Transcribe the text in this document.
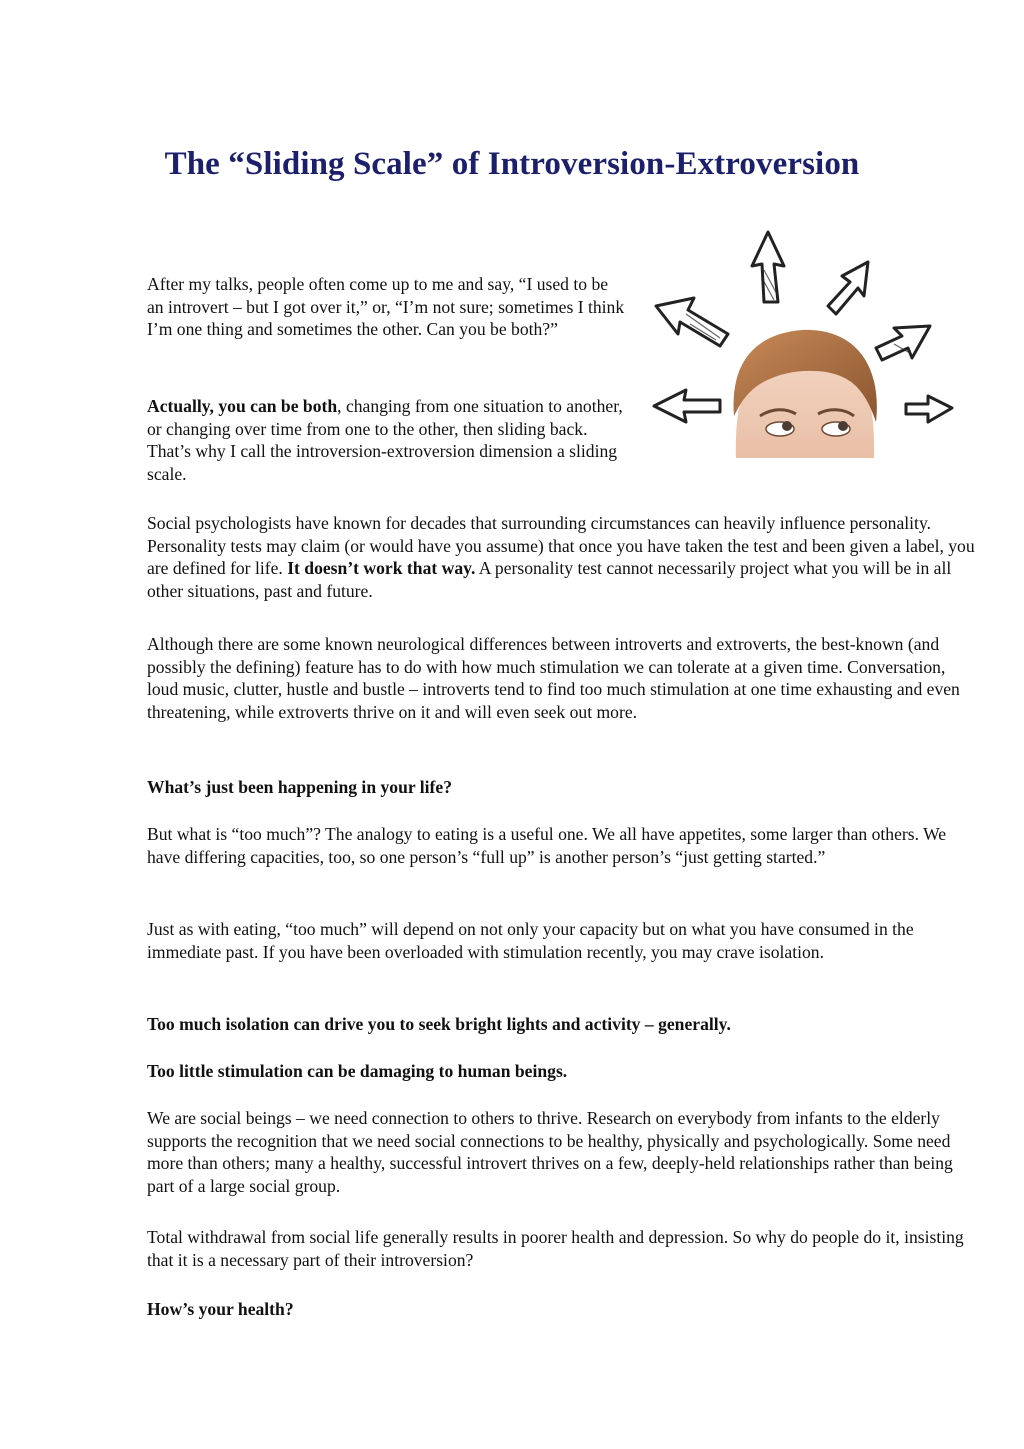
The “Sliding Scale” of Introversion-Extroversion

After my talks, people often come up to me and say, “I used to be an introvert – but I got over it,” or, “I’m not sure; sometimes I think I’m one thing and sometimes the other. Can you be both?”

Actually, you can be both, changing from one situation to another, or changing over time from one to the other, then sliding back. That’s why I call the introversion-extroversion dimension a sliding scale.

Social psychologists have known for decades that surrounding circumstances can heavily influence personality. Personality tests may claim (or would have you assume) that once you have taken the test and been given a label, you are defined for life. It doesn’t work that way. A personality test cannot necessarily project what you will be in all other situations, past and future.

Although there are some known neurological differences between introverts and extroverts, the best-known (and possibly the defining) feature has to do with how much stimulation we can tolerate at a given time. Conversation, loud music, clutter, hustle and bustle – introverts tend to find too much stimulation at one time exhausting and even threatening, while extroverts thrive on it and will even seek out more.

What’s just been happening in your life?

But what is “too much”? The analogy to eating is a useful one. We all have appetites, some larger than others. We have differing capacities, too, so one person’s “full up” is another person’s “just getting started.”

Just as with eating, “too much” will depend on not only your capacity but on what you have consumed in the immediate past. If you have been overloaded with stimulation recently, you may crave isolation.

Too much isolation can drive you to seek bright lights and activity – generally.

Too little stimulation can be damaging to human beings.

We are social beings – we need connection to others to thrive. Research on everybody from infants to the elderly supports the recognition that we need social connections to be healthy, physically and psychologically. Some need more than others; many a healthy, successful introvert thrives on a few, deeply-held relationships rather than being part of a large social group.

Total withdrawal from social life generally results in poorer health and depression. So why do people do it, insisting that it is a necessary part of their introversion?

How’s your health?
